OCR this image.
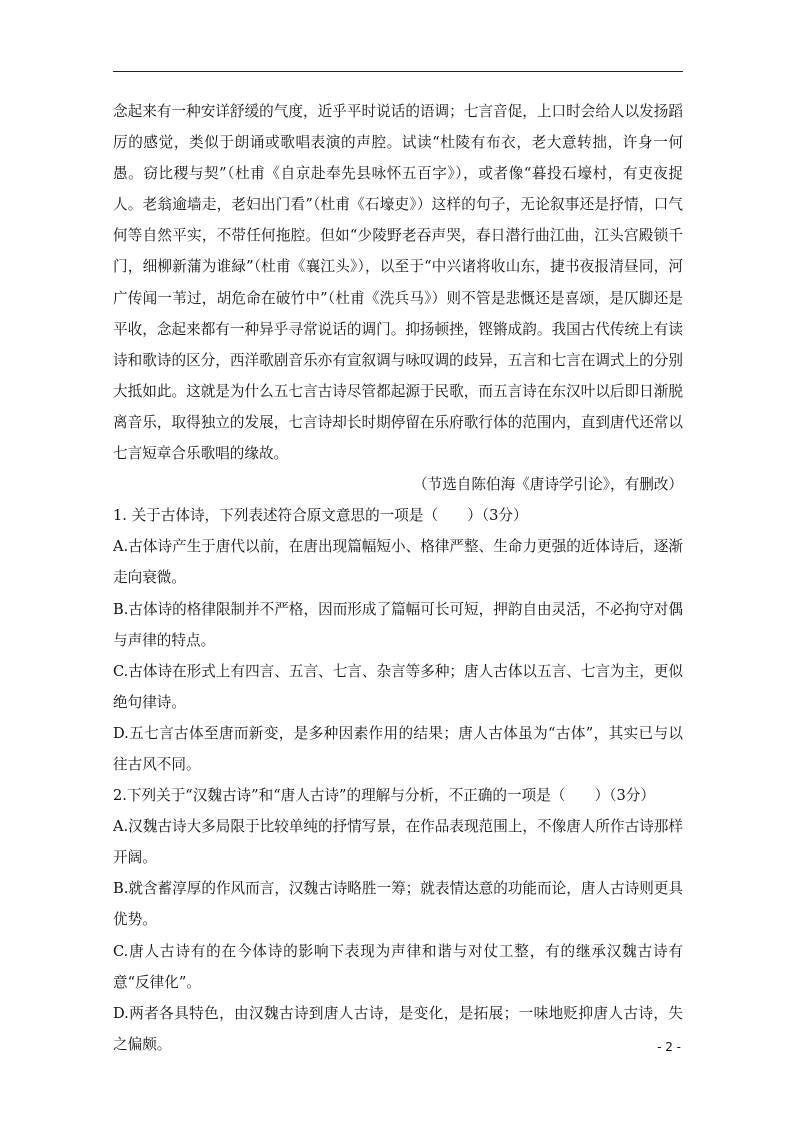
念起来有一种安详舒缓的气度，近乎平时说话的语调；七言音促，上口时会给人以发扬蹈厉的感觉，类似于朗诵或歌唱表演的声腔。试读“杜陵有布衣，老大意转拙，许身一何愚。窃比稷与契”（杜甫《自京赴奉先县咏怀五百字》），或者像“暮投石壕村，有吏夜捉人。老翁逾墙走，老妇出门看”（杜甫《石壕吏》）这样的句子，无论叙事还是抒情，口气何等自然平实，不带任何拖腔。但如“少陵野老吞声哭，春日潜行曲江曲，江头宫殿锁千门，细柳新蒲为谁緑”（杜甫《襄江头》），以至于“中兴诸将收山东，捷书夜报清昼同，河广传闻一苇过，胡危命在破竹中”（杜甫《洗兵马》）则不管是悲慨还是喜颂，是仄脚还是平收，念起来都有一种异乎寻常说话的调门。抑扬顿挫，铿锵成韵。我国古代传统上有读诗和歌诗的区分，西洋歌剧音乐亦有宣叙调与咏叹调的歧异，五言和七言在调式上的分别大抵如此。这就是为什么五七言古诗尽管都起源于民歌，而五言诗在东汉叶以后即日渐脱离音乐，取得独立的发展，七言诗却长时期停留在乐府歌行体的范围内，直到唐代还常以七言短章合乐歌唱的缘故。

（节选自陈伯海《唐诗学引论》，有删改）

1. 关于古体诗，下列表述符合原文意思的一项是（　　）（3分）

A.古体诗产生于唐代以前，在唐出现篇幅短小、格律严整、生命力更强的近体诗后，逐渐走向衰微。

B.古体诗的格律限制并不严格，因而形成了篇幅可长可短，押韵自由灵活，不必拘守对偶与声律的特点。

C.古体诗在形式上有四言、五言、七言、杂言等多种；唐人古体以五言、七言为主，更似绝句律诗。

D.五七言古体至唐而新变，是多种因素作用的结果；唐人古体虽为“古体”，其实已与以往古风不同。

2.下列关于“汉魏古诗”和“唐人古诗”的理解与分析，不正确的一项是（　　）（3分）

A.汉魏古诗大多局限于比较单纯的抒情写景，在作品表现范围上，不像唐人所作古诗那样开阔。

B.就含蓄淳厚的作风而言，汉魏古诗略胜一筹；就表情达意的功能而论，唐人古诗则更具优势。

C.唐人古诗有的在今体诗的影响下表现为声律和谐与对仗工整，有的继承汉魏古诗有意“反律化”。

D.两者各具特色，由汉魏古诗到唐人古诗，是变化，是拓展；一味地贬抑唐人古诗，失之偏颇。	- 2 -
